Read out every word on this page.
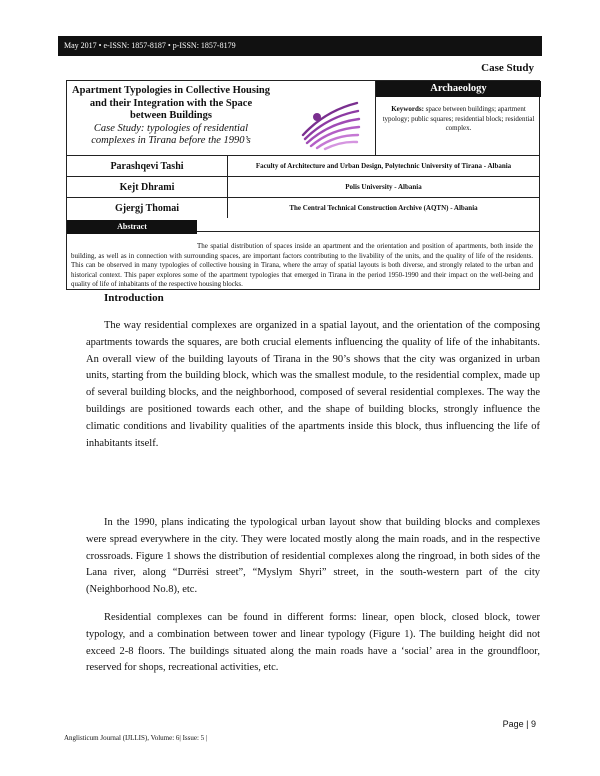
May 2017 • e-ISSN: 1857-8187 • p-ISSN: 1857-8179
Case Study
Apartment Typologies in Collective Housing and their Integration with the Space between Buildings
Case Study: typologies of residential complexes in Tirana before the 1990’s
Archaeology
Keywords: space between buildings; apartment typology; public squares; residential block; residential complex.
Parashqevi Tashi	Faculty of Architecture and Urban Design, Polytechnic University of Tirana - Albania
Kejt Dhrami	Polis University - Albania
Gjergj Thomai	The Central Technical Construction Archive (AQTN) - Albania
Abstract
The spatial distribution of spaces inside an apartment and the orientation and position of apartments, both inside the building, as well as in connection with surrounding spaces, are important factors contributing to the livability of the units, and the quality of life of the residents. This can be observed in many typologies of collective housing in Tirana, where the array of spatial layouts is both diverse, and strongly related to the urban and historical context. This paper explores some of the apartment typologies that emerged in Tirana in the period 1950-1990 and their impact on the well-being and quality of life of inhabitants of the respective housing blocks.
Introduction
The way residential complexes are organized in a spatial layout, and the orientation of the composing apartments towards the squares, are both crucial elements influencing the quality of life of the inhabitants. An overall view of the building layouts of Tirana in the 90’s shows that the city was organized in urban units, starting from the building block, which was the smallest module, to the residential complex, made up of several building blocks, and the neighborhood, composed of several residential complexes. The way the buildings are positioned towards each other, and the shape of building blocks, strongly influence the climatic conditions and livability qualities of the apartments inside this block, thus influencing the life of inhabitants itself.
In the 1990, plans indicating the typological urban layout show that building blocks and complexes were spread everywhere in the city. They were located mostly along the main roads, and in the respective crossroads. Figure 1 shows the distribution of residential complexes along the ringroad, in both sides of the Lana river, along “Durrësi street”, “Myslym Shyri” street, in the south-western part of the city (Neighborhood No.8), etc.
Residential complexes can be found in different forms: linear, open block, closed block, tower typology, and a combination between tower and linear typology (Figure 1). The building height did not exceed 2-8 floors. The buildings situated along the main roads have a ‘social’ area in the groundfloor, reserved for shops, recreational activities, etc.
Page | 9
Anglisticum Journal (IJLLIS), Volume: 6| Issue: 5 |
